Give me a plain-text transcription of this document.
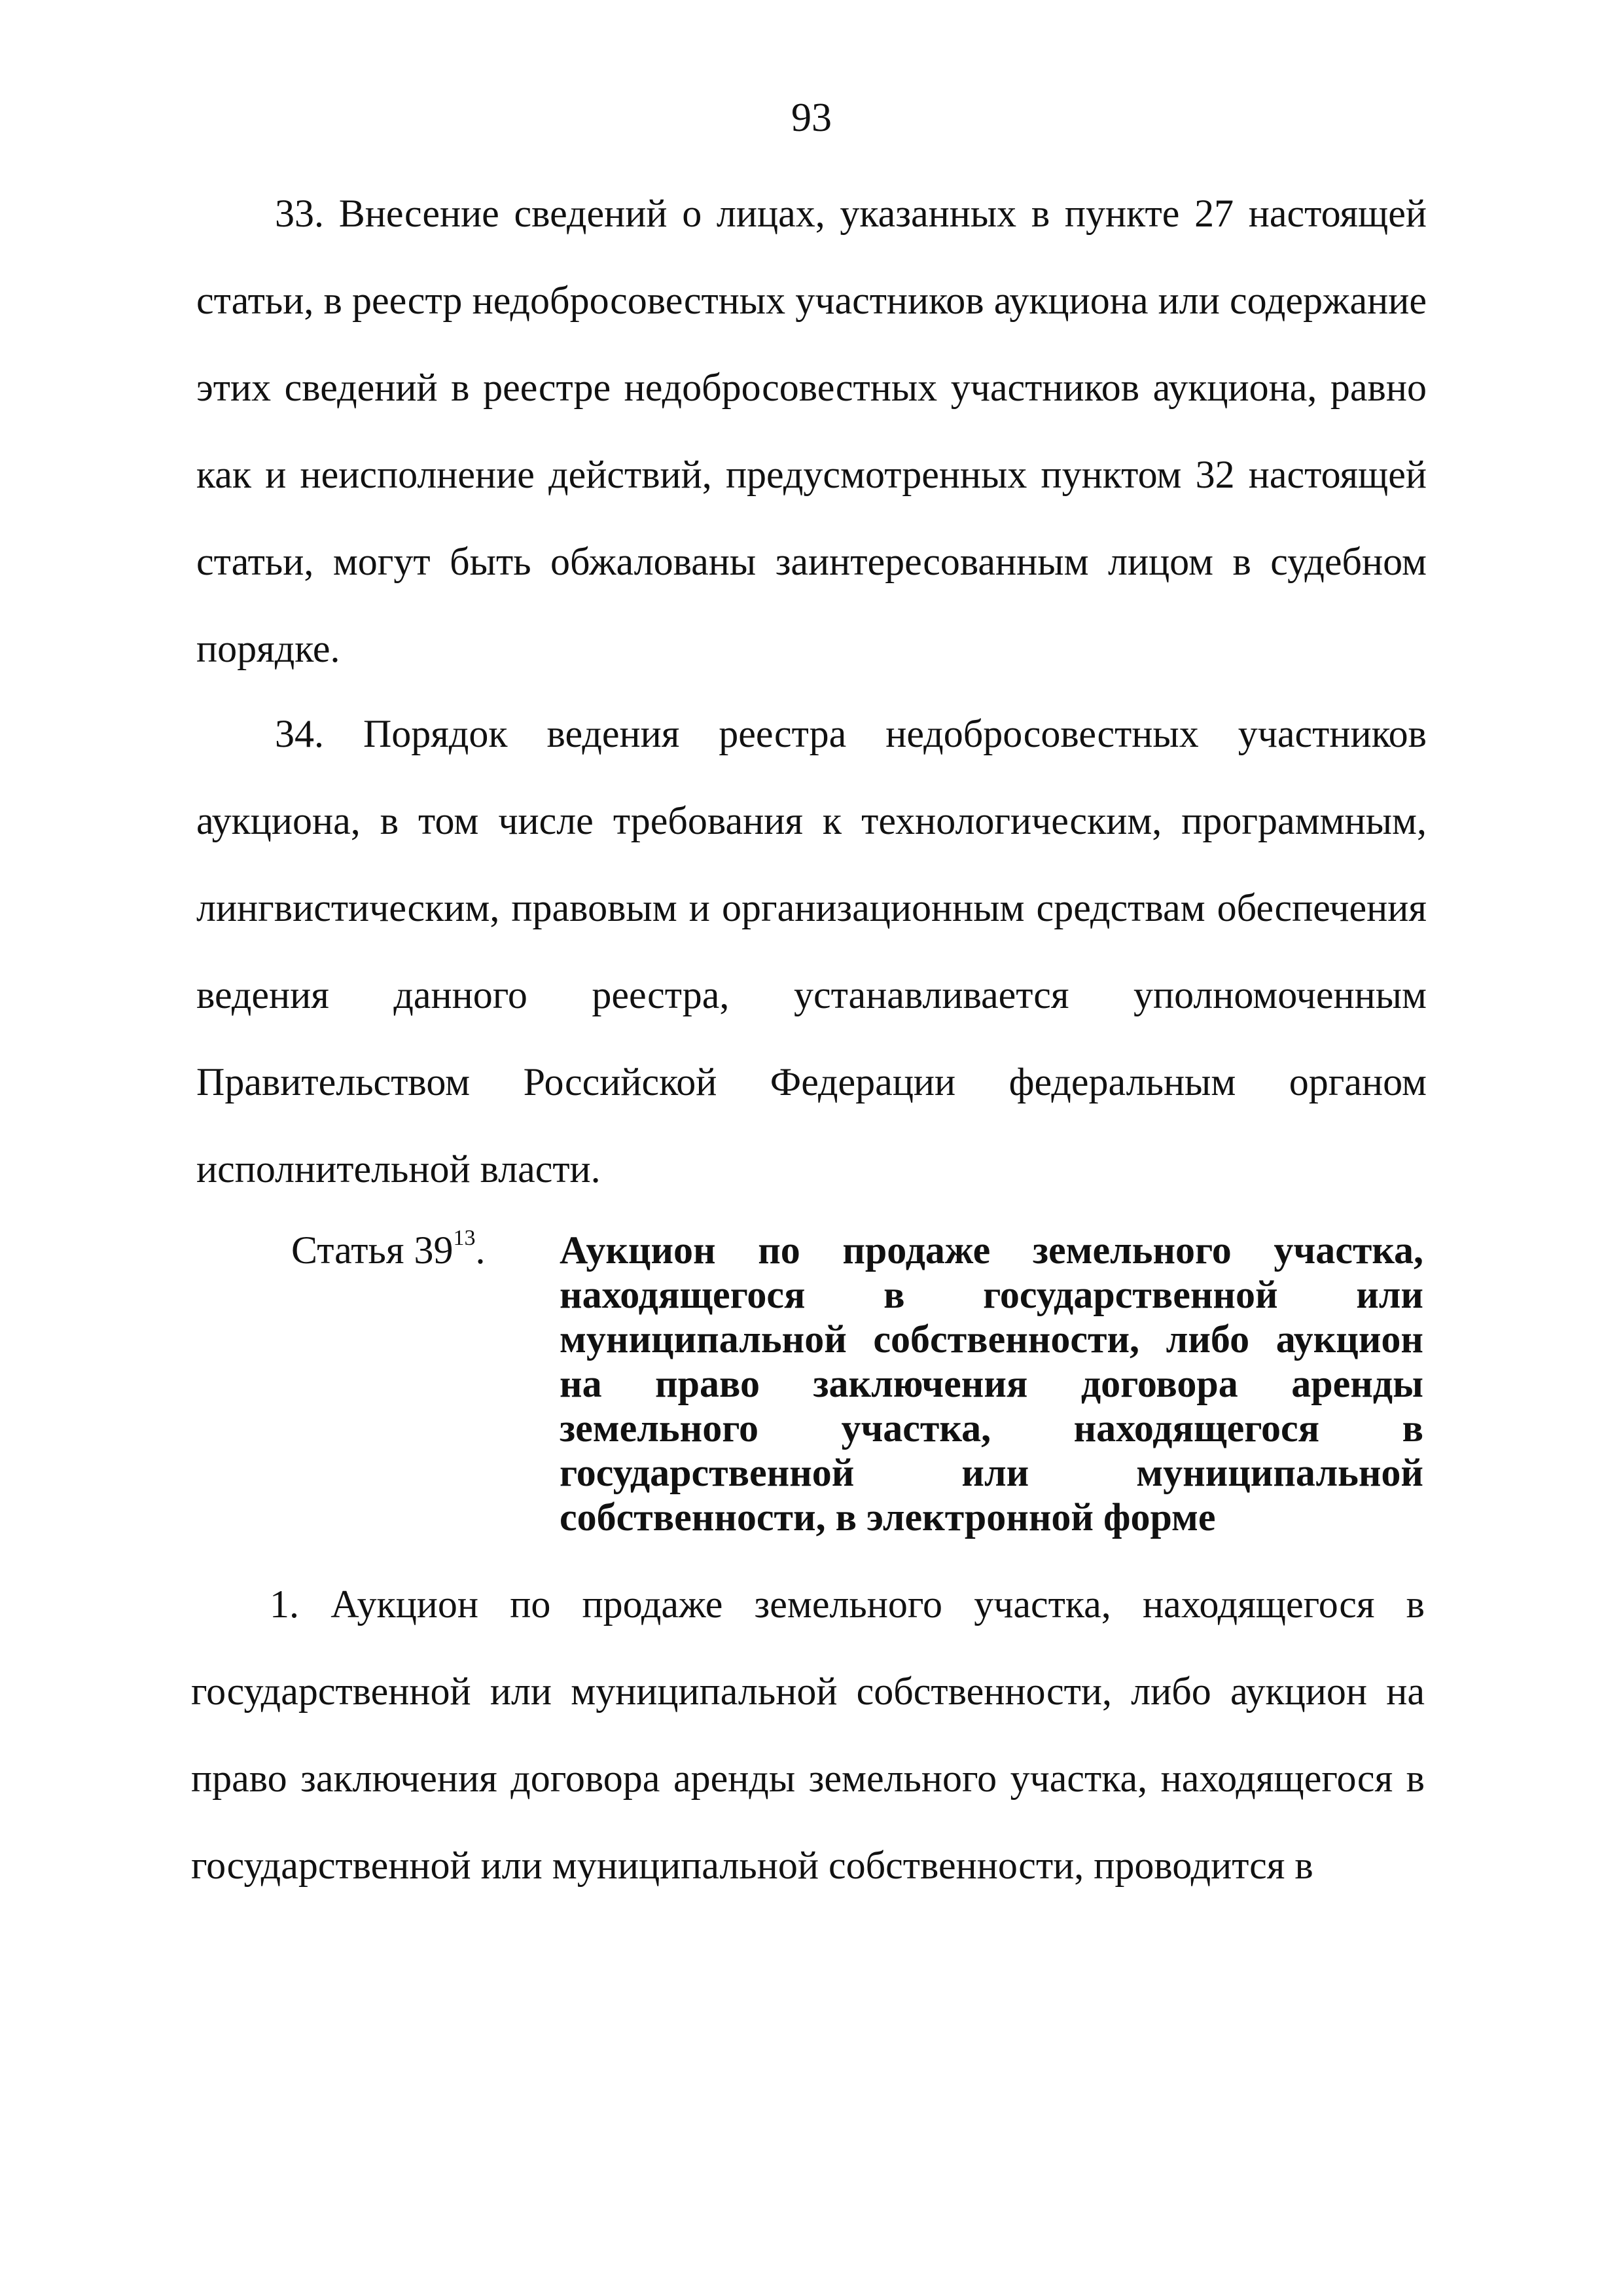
93

33. Внесение сведений о лицах, указанных в пункте 27 настоящей статьи, в реестр недобросовестных участников аукциона или содержание этих сведений в реестре недобросовестных участников аукциона, равно как и неисполнение действий, предусмотренных пунктом 32 настоящей статьи, могут быть обжалованы заинтересованным лицом в судебном порядке.

34. Порядок ведения реестра недобросовестных участников аукциона, в том числе требования к технологическим, программным, лингвистическим, правовым и организационным средствам обеспечения ведения данного реестра, устанавливается уполномоченным Правительством Российской Федерации федеральным органом исполнительной власти.

Статья $39^{13}$. Аукцион по продаже земельного участка, находящегося в государственной или муниципальной собственности, либо аукцион на право заключения договора аренды земельного участка, находящегося в государственной или муниципальной собственности, в электронной форме

1. Аукцион по продаже земельного участка, находящегося в государственной или муниципальной собственности, либо аукцион на право заключения договора аренды земельного участка, находящегося в государственной или муниципальной собственности, проводится в
